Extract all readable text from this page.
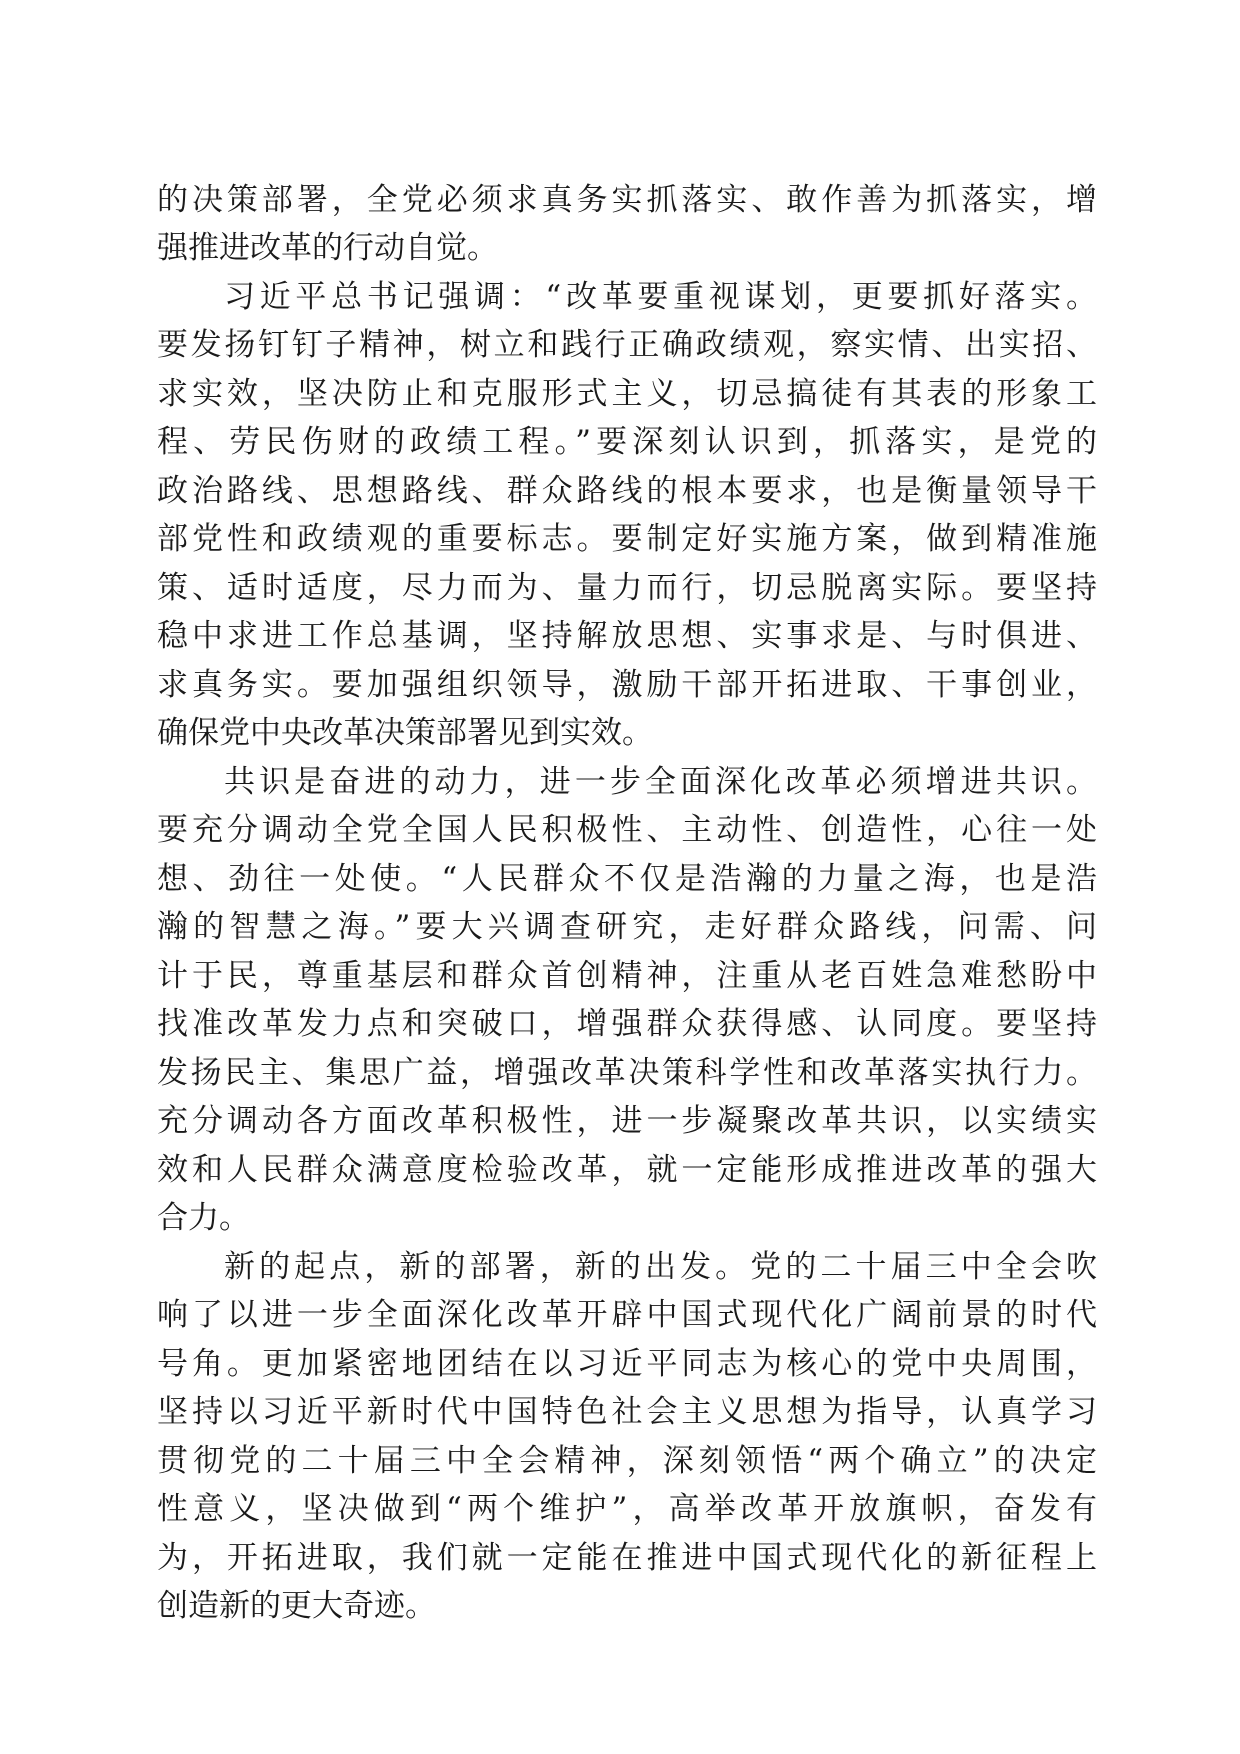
的决策部署，全党必须求真务实抓落实、敢作善为抓落实，增

强推进改革的行动自觉。

习近平总书记强调：“改革要重视谋划，更要抓好落实。

要发扬钉钉子精神，树立和践行正确政绩观，察实情、出实招、

求实效，坚决防止和克服形式主义，切忌搞徒有其表的形象工

程、劳民伤财的政绩工程。”要深刻认识到，抓落实，是党的

政治路线、思想路线、群众路线的根本要求，也是衡量领导干

部党性和政绩观的重要标志。要制定好实施方案，做到精准施

策、适时适度，尽力而为、量力而行，切忌脱离实际。要坚持

稳中求进工作总基调，坚持解放思想、实事求是、与时俱进、

求真务实。要加强组织领导，激励干部开拓进取、干事创业，

确保党中央改革决策部署见到实效。

共识是奋进的动力，进一步全面深化改革必须增进共识。

要充分调动全党全国人民积极性、主动性、创造性，心往一处

想、劲往一处使。“人民群众不仅是浩瀚的力量之海，也是浩

瀚的智慧之海。”要大兴调查研究，走好群众路线，问需、问

计于民，尊重基层和群众首创精神，注重从老百姓急难愁盼中

找准改革发力点和突破口，增强群众获得感、认同度。要坚持

发扬民主、集思广益，增强改革决策科学性和改革落实执行力。

充分调动各方面改革积极性，进一步凝聚改革共识，以实绩实

效和人民群众满意度检验改革，就一定能形成推进改革的强大

合力。

新的起点，新的部署，新的出发。党的二十届三中全会吹

响了以进一步全面深化改革开辟中国式现代化广阔前景的时代

号角。更加紧密地团结在以习近平同志为核心的党中央周围，

坚持以习近平新时代中国特色社会主义思想为指导，认真学习

贯彻党的二十届三中全会精神，深刻领悟“两个确立”的决定

性意义，坚决做到“两个维护”，高举改革开放旗帜，奋发有

为，开拓进取，我们就一定能在推进中国式现代化的新征程上

创造新的更大奇迹。
